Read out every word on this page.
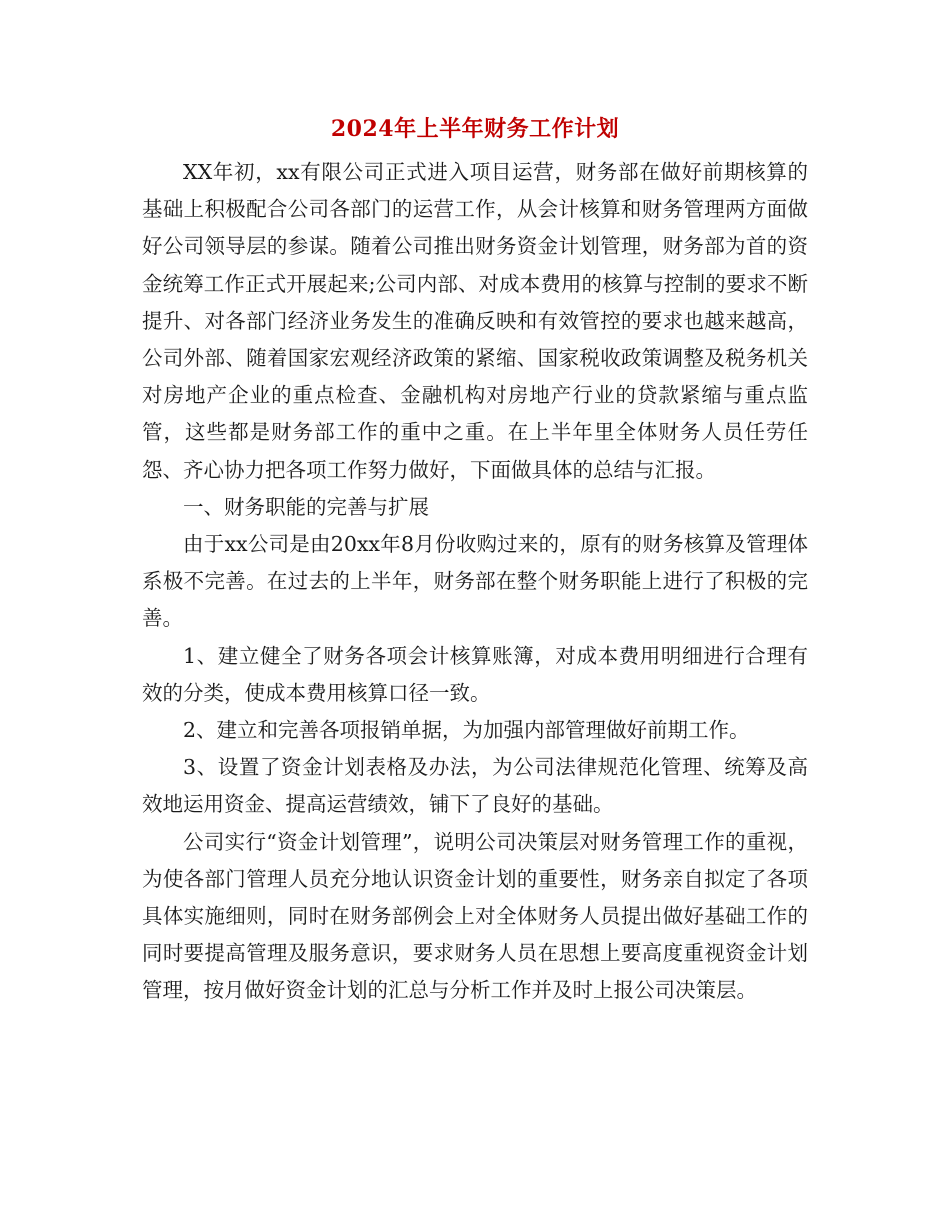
2024年上半年财务工作计划

XX年初，xx有限公司正式进入项目运营，财务部在做好前期核算的基础上积极配合公司各部门的运营工作，从会计核算和财务管理两方面做好公司领导层的参谋。随着公司推出财务资金计划管理，财务部为首的资金统筹工作正式开展起来;公司内部、对成本费用的核算与控制的要求不断提升、对各部门经济业务发生的准确反映和有效管控的要求也越来越高，公司外部、随着国家宏观经济政策的紧缩、国家税收政策调整及税务机关对房地产企业的重点检查、金融机构对房地产行业的贷款紧缩与重点监管，这些都是财务部工作的重中之重。在上半年里全体财务人员任劳任怨、齐心协力把各项工作努力做好，下面做具体的总结与汇报。

一、财务职能的完善与扩展

由于xx公司是由20xx年8月份收购过来的，原有的财务核算及管理体系极不完善。在过去的上半年，财务部在整个财务职能上进行了积极的完善。

1、建立健全了财务各项会计核算账簿，对成本费用明细进行合理有效的分类，使成本费用核算口径一致。

2、建立和完善各项报销单据，为加强内部管理做好前期工作。

3、设置了资金计划表格及办法，为公司法律规范化管理、统筹及高效地运用资金、提高运营绩效，铺下了良好的基础。

公司实行“资金计划管理”，说明公司决策层对财务管理工作的重视，为使各部门管理人员充分地认识资金计划的重要性，财务亲自拟定了各项具体实施细则，同时在财务部例会上对全体财务人员提出做好基础工作的同时要提高管理及服务意识，要求财务人员在思想上要高度重视资金计划管理，按月做好资金计划的汇总与分析工作并及时上报公司决策层。
